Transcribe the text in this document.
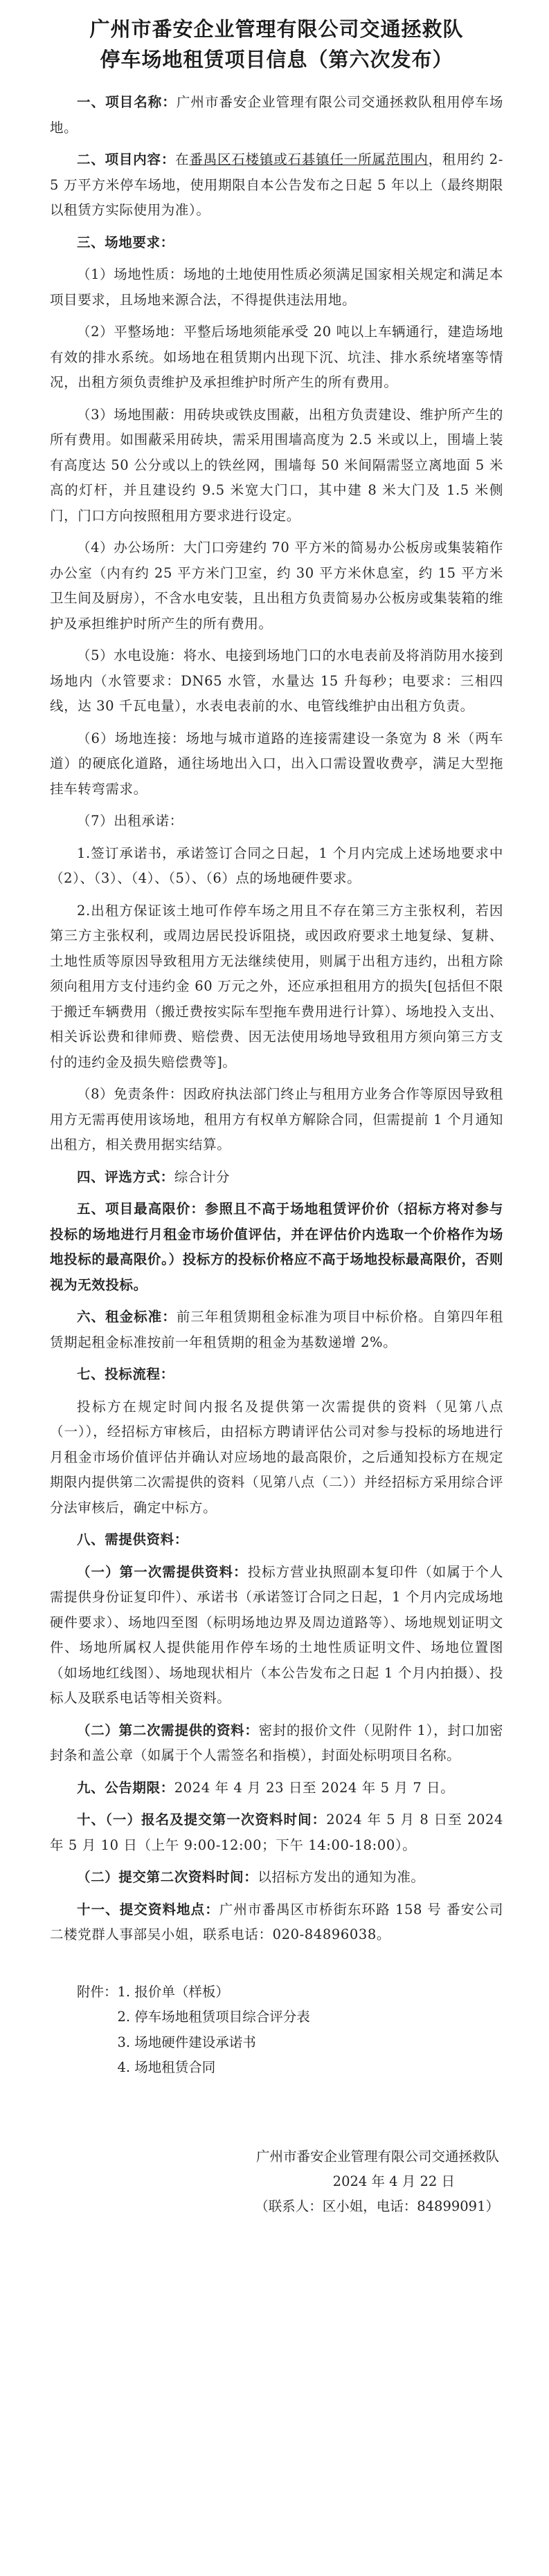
广州市番安企业管理有限公司交通拯救队
停车场地租赁项目信息（第六次发布）

一、项目名称：广州市番安企业管理有限公司交通拯救队租用停车场地。

二、项目内容：在番禺区石楼镇或石碁镇任一所属范围内，租用约 2-5 万平方米停车场地，使用期限自本公告发布之日起 5 年以上（最终期限以租赁方实际使用为准）。

三、场地要求：

（1）场地性质：场地的土地使用性质必须满足国家相关规定和满足本项目要求，且场地来源合法，不得提供违法用地。

（2）平整场地：平整后场地须能承受 20 吨以上车辆通行，建造场地有效的排水系统。如场地在租赁期内出现下沉、坑洼、排水系统堵塞等情况，出租方须负责维护及承担维护时所产生的所有费用。

（3）场地围蔽：用砖块或铁皮围蔽，出租方负责建设、维护所产生的所有费用。如围蔽采用砖块，需采用围墙高度为 2.5 米或以上，围墙上装有高度达 50 公分或以上的铁丝网，围墙每 50 米间隔需竖立离地面 5 米高的灯杆，并且建设约 9.5 米宽大门口，其中建 8 米大门及 1.5 米侧门，门口方向按照租用方要求进行设定。

（4）办公场所：大门口旁建约 70 平方米的简易办公板房或集装箱作办公室（内有约 25 平方米门卫室，约 30 平方米休息室，约 15 平方米卫生间及厨房），不含水电安装，且出租方负责简易办公板房或集装箱的维护及承担维护时所产生的所有费用。

（5）水电设施：将水、电接到场地门口的水电表前及将消防用水接到场地内（水管要求：DN65 水管，水量达 15 升每秒；电要求：三相四线，达 30 千瓦电量），水表电表前的水、电管线维护由出租方负责。

（6）场地连接：场地与城市道路的连接需建设一条宽为 8 米（两车道）的硬底化道路，通往场地出入口，出入口需设置收费亭，满足大型拖挂车转弯需求。

（7）出租承诺：

1.签订承诺书，承诺签订合同之日起，1 个月内完成上述场地要求中（2）、（3）、（4）、（5）、（6）点的场地硬件要求。

2.出租方保证该土地可作停车场之用且不存在第三方主张权利，若因第三方主张权利，或周边居民投诉阻挠，或因政府要求土地复绿、复耕、土地性质等原因导致租用方无法继续使用，则属于出租方违约，出租方除须向租用方支付违约金 60 万元之外，还应承担租用方的损失[包括但不限于搬迁车辆费用（搬迁费按实际车型拖车费用进行计算）、场地投入支出、相关诉讼费和律师费、赔偿费、因无法使用场地导致租用方须向第三方支付的违约金及损失赔偿费等]。

（8）免责条件：因政府执法部门终止与租用方业务合作等原因导致租用方无需再使用该场地，租用方有权单方解除合同，但需提前 1 个月通知出租方，相关费用据实结算。

四、评选方式：综合计分

五、项目最高限价：参照且不高于场地租赁评价价（招标方将对参与投标的场地进行月租金市场价值评估，并在评估价内选取一个价格作为场地投标的最高限价。）投标方的投标价格应不高于场地投标最高限价，否则视为无效投标。

六、租金标准：前三年租赁期租金标准为项目中标价格。自第四年租赁期起租金标准按前一年租赁期的租金为基数递增 2%。

七、投标流程：

投标方在规定时间内报名及提供第一次需提供的资料（见第八点（一）），经招标方审核后，由招标方聘请评估公司对参与投标的场地进行月租金市场价值评估并确认对应场地的最高限价，之后通知投标方在规定期限内提供第二次需提供的资料（见第八点（二））并经招标方采用综合评分法审核后，确定中标方。

八、需提供资料：

（一）第一次需提供资料：投标方营业执照副本复印件（如属于个人需提供身份证复印件）、承诺书（承诺签订合同之日起，1 个月内完成场地硬件要求）、场地四至图（标明场地边界及周边道路等）、场地规划证明文件、场地所属权人提供能用作停车场的土地性质证明文件、场地位置图（如场地红线图）、场地现状相片（本公告发布之日起 1 个月内拍摄）、投标人及联系电话等相关资料。

（二）第二次需提供的资料：密封的报价文件（见附件 1），封口加密封条和盖公章（如属于个人需签名和指模），封面处标明项目名称。

九、公告期限：2024 年 4 月 23 日至 2024 年 5 月 7 日。

十、（一）报名及提交第一次资料时间：2024 年 5 月 8 日至 2024 年 5 月 10 日（上午 9:00-12:00；下午 14:00-18:00）。

（二）提交第二次资料时间：以招标方发出的通知为准。

十一、提交资料地点：广州市番禺区市桥街东环路 158 号 番安公司二楼党群人事部吴小姐，联系电话：020-84896038。

附件：1. 报价单（样板）

2. 停车场地租赁项目综合评分表

3. 场地硬件建设承诺书

4. 场地租赁合同

广州市番安企业管理有限公司交通拯救队

2024 年 4 月 22 日

（联系人：区小姐，电话：84899091）
